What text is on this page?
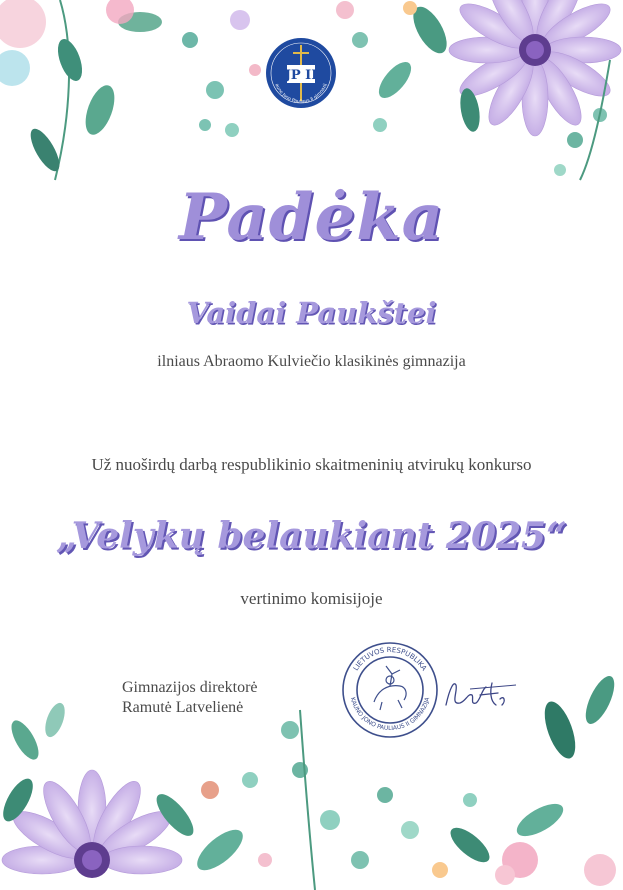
JP II
auno Jono Pauliaus II gimnazij
Padėka
Vaidai Paukštei
ilniaus Abraomo Kulviečio klasikinės gimnazija
Už nuoširdų darbą respublikinio skaitmeninių atvirukų konkurso
„Velykų belaukiant 2025“
vertinimo komisijoje
Gimnazijos direktorė
Ramutė Latvelienė
LIETUVOS RESPUBLIKA
KAUNO JONO PAULIAUS II GIMNAZIJA
